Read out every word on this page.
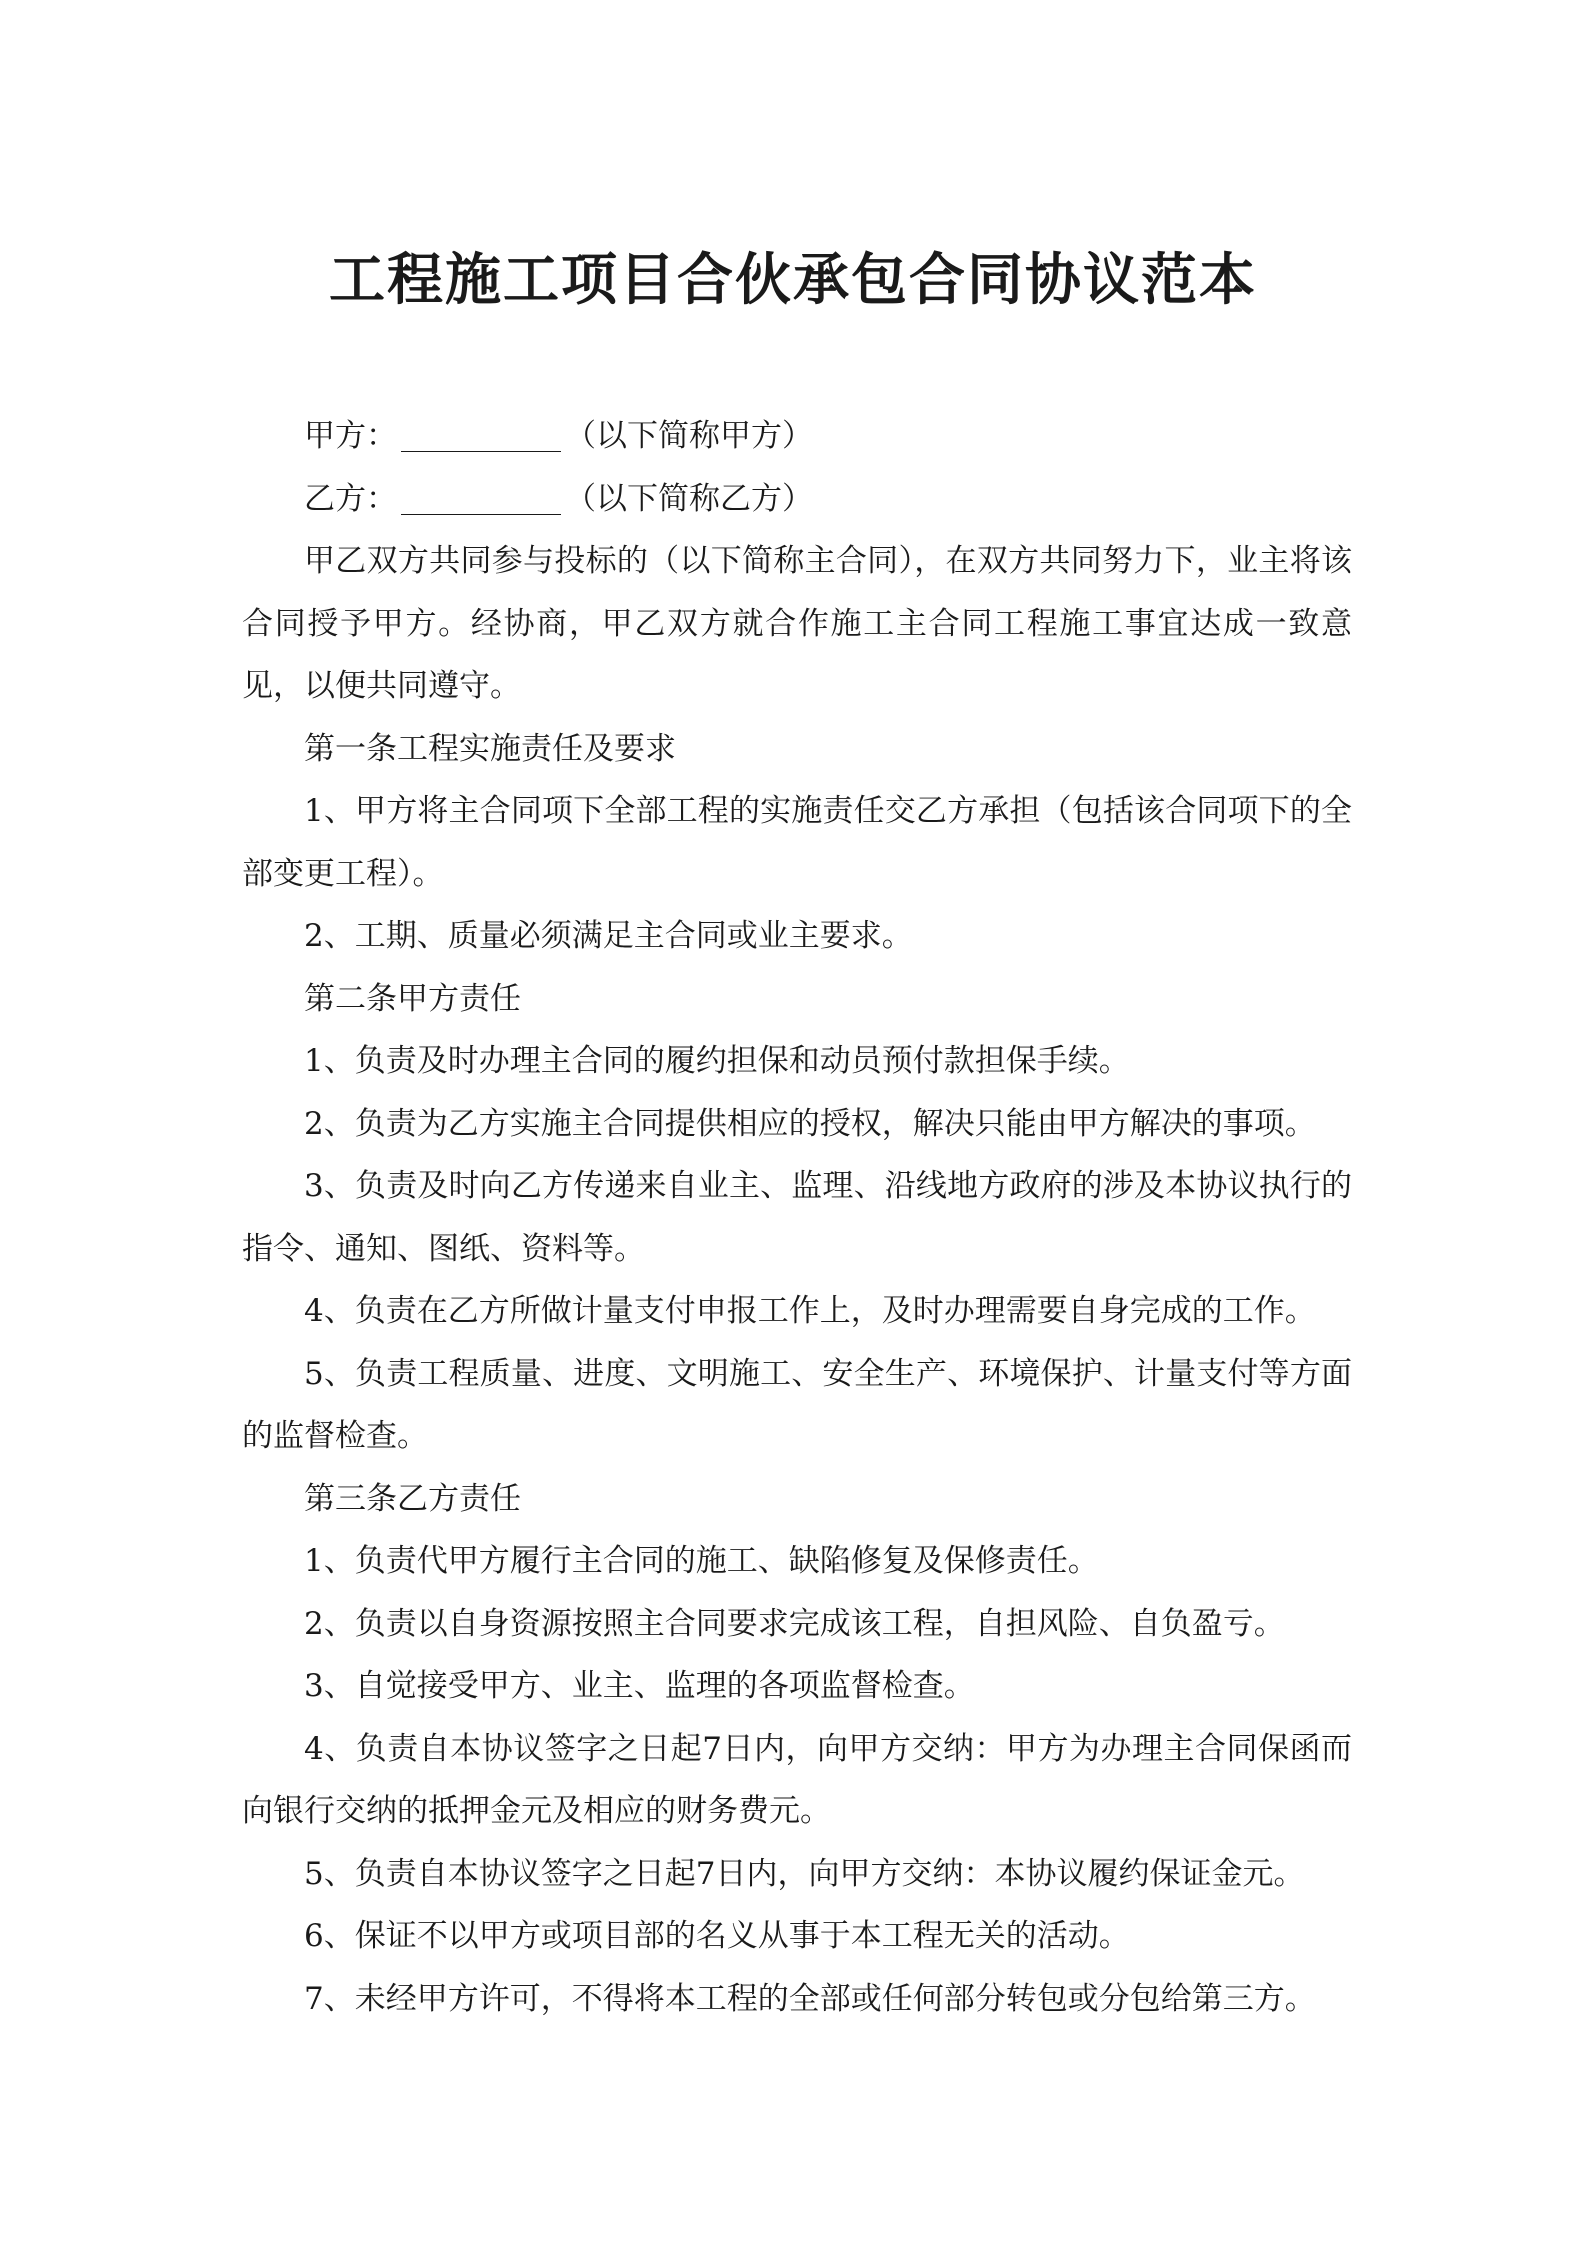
工程施工项目合伙承包合同协议范本

甲方：	（以下简称甲方）

乙方：	（以下简称乙方）

甲乙双方共同参与投标的（以下简称主合同），在双方共同努力下，业主将该合同授予甲方。经协商，甲乙双方就合作施工主合同工程施工事宜达成一致意见，以便共同遵守。

第一条工程实施责任及要求

1、甲方将主合同项下全部工程的实施责任交乙方承担（包括该合同项下的全部变更工程）。

2、工期、质量必须满足主合同或业主要求。

第二条甲方责任

1、负责及时办理主合同的履约担保和动员预付款担保手续。

2、负责为乙方实施主合同提供相应的授权，解决只能由甲方解决的事项。

3、负责及时向乙方传递来自业主、监理、沿线地方政府的涉及本协议执行的指令、通知、图纸、资料等。

4、负责在乙方所做计量支付申报工作上，及时办理需要自身完成的工作。

5、负责工程质量、进度、文明施工、安全生产、环境保护、计量支付等方面的监督检查。

第三条乙方责任

1、负责代甲方履行主合同的施工、缺陷修复及保修责任。

2、负责以自身资源按照主合同要求完成该工程，自担风险、自负盈亏。

3、自觉接受甲方、业主、监理的各项监督检查。

4、负责自本协议签字之日起7日内，向甲方交纳：甲方为办理主合同保函而向银行交纳的抵押金元及相应的财务费元。

5、负责自本协议签字之日起7日内，向甲方交纳：本协议履约保证金元。

6、保证不以甲方或项目部的名义从事于本工程无关的活动。

7、未经甲方许可，不得将本工程的全部或任何部分转包或分包给第三方。
